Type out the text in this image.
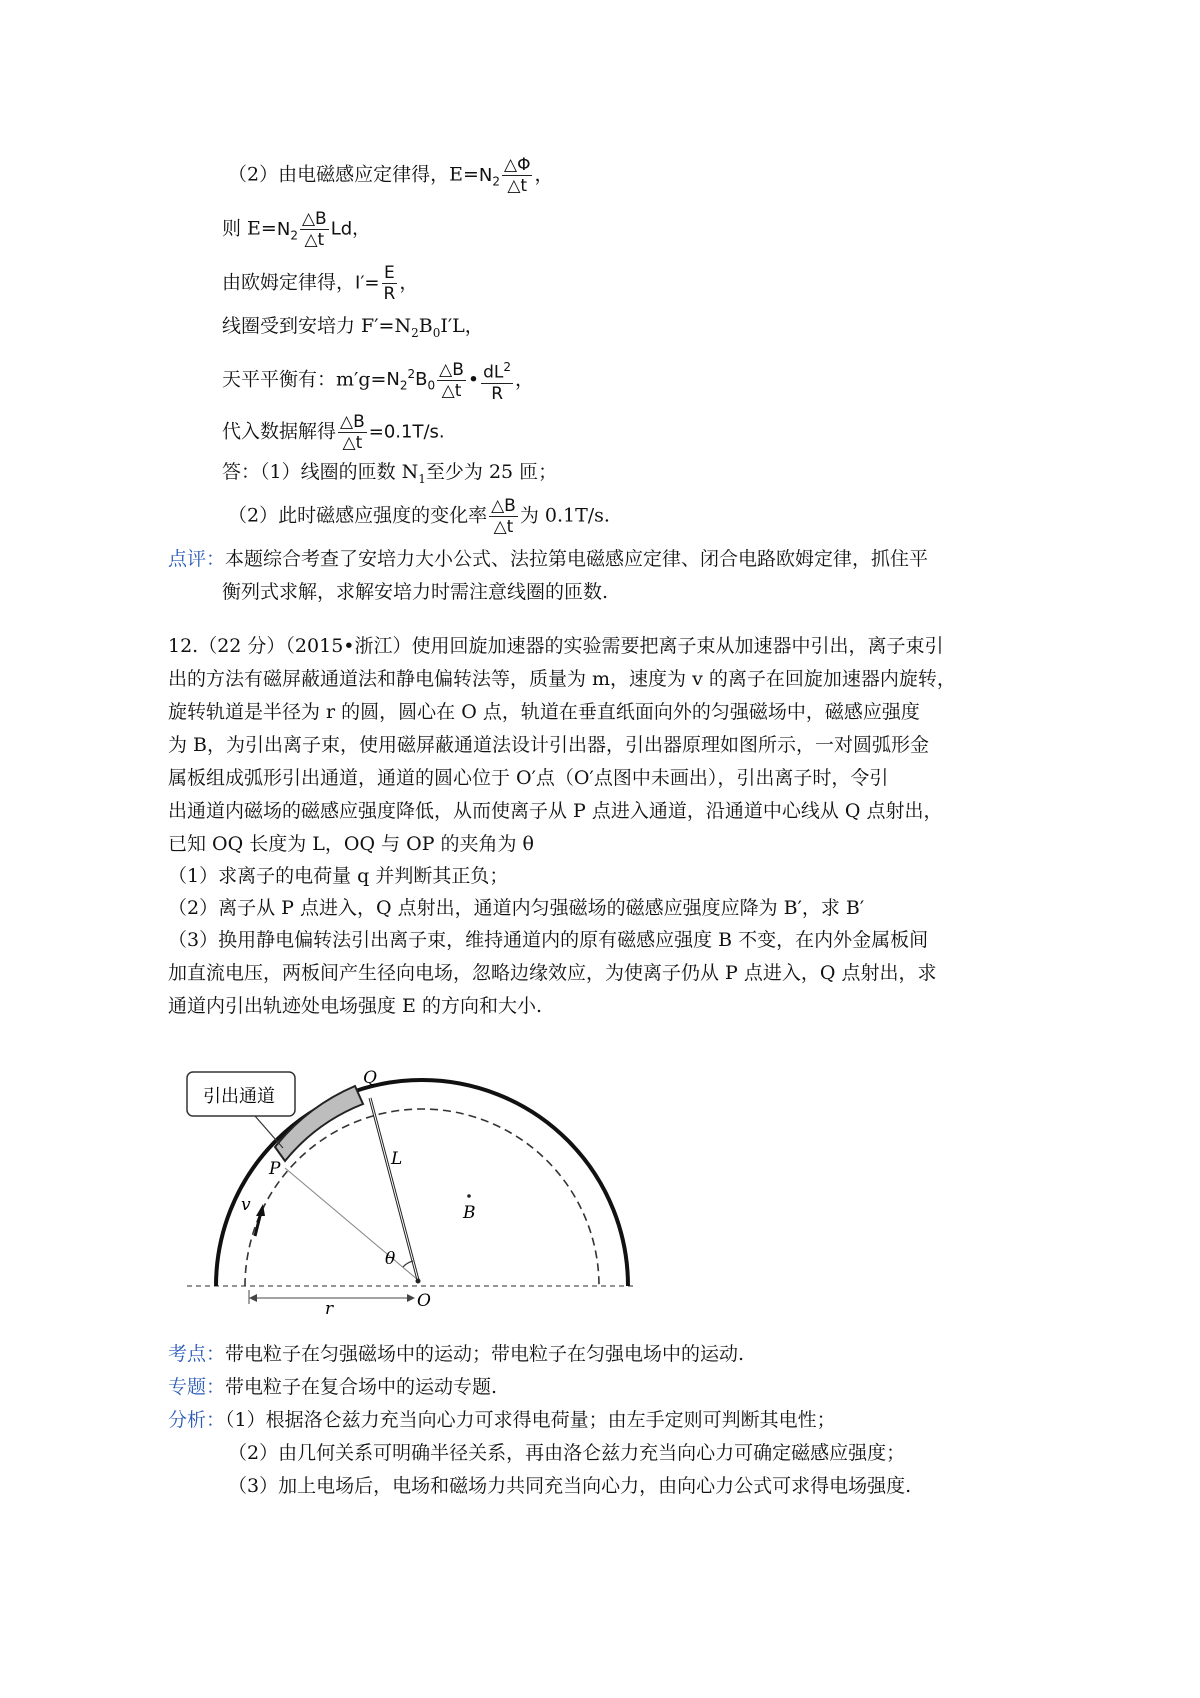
（2）由电磁感应定律得，$E=N_2 \frac{\triangle\Phi}{\triangle t}$ ，
则 $E=N_2 \frac{\triangle B}{\triangle t}$ Ld，
由欧姆定律得，$I'= \frac{E}{R}$ ，
线圈受到安培力 $F'=N_2B_0I'L$，
天平平衡有：$m'g=N_2^2B_0 \frac{\triangle B}{\triangle t}$ • $\frac{dL^2}{R}$ ，
代入数据解得 $\frac{\triangle B}{\triangle t} =0.1T/s$.
答：（1）线圈的匝数 $N_1$至少为 25 匝；
（2）此时磁感应强度的变化率 $\frac{\triangle B}{\triangle t}$ 为 0.1T/s.
点评：本题综合考查了安培力大小公式、法拉第电磁感应定律、闭合电路欧姆定律，抓住平
衡列式求解，求解安培力时需注意线圈的匝数.
12.（22 分）（2015•浙江）使用回旋加速器的实验需要把离子束从加速器中引出，离子束引
出的方法有磁屏蔽通道法和静电偏转法等，质量为 m，速度为 v 的离子在回旋加速器内旋转，
旋转轨道是半径为 r 的圆，圆心在 O 点，轨道在垂直纸面向外的匀强磁场中，磁感应强度
为 B，为引出离子束，使用磁屏蔽通道法设计引出器，引出器原理如图所示，一对圆弧形金
属板组成弧形引出通道，通道的圆心位于 O′点（O′点图中未画出），引出离子时，令引
出通道内磁场的磁感应强度降低，从而使离子从 P 点进入通道，沿通道中心线从 Q 点射出，
已知 OQ 长度为 L，OQ 与 OP 的夹角为 θ
（1）求离子的电荷量 q 并判断其正负；
（2）离子从 P 点进入，Q 点射出，通道内匀强磁场的磁感应强度应降为 B′，求 B′
（3）换用静电偏转法引出离子束，维持通道内的原有磁感应强度 B 不变，在内外金属板间
加直流电压，两板间产生径向电场，忽略边缘效应，为使离子仍从 P 点进入，Q 点射出，求
通道内引出轨迹处电场强度 E 的方向和大小.
引出通道
Q
P	L
B
v
θ
O
r
考点：带电粒子在匀强磁场中的运动；带电粒子在匀强电场中的运动.
专题：带电粒子在复合场中的运动专题.
分析：（1）根据洛仑兹力充当向心力可求得电荷量；由左手定则可判断其电性；
（2）由几何关系可明确半径关系，再由洛仑兹力充当向心力可确定磁感应强度；
（3）加上电场后，电场和磁场力共同充当向心力，由向心力公式可求得电场强度.
